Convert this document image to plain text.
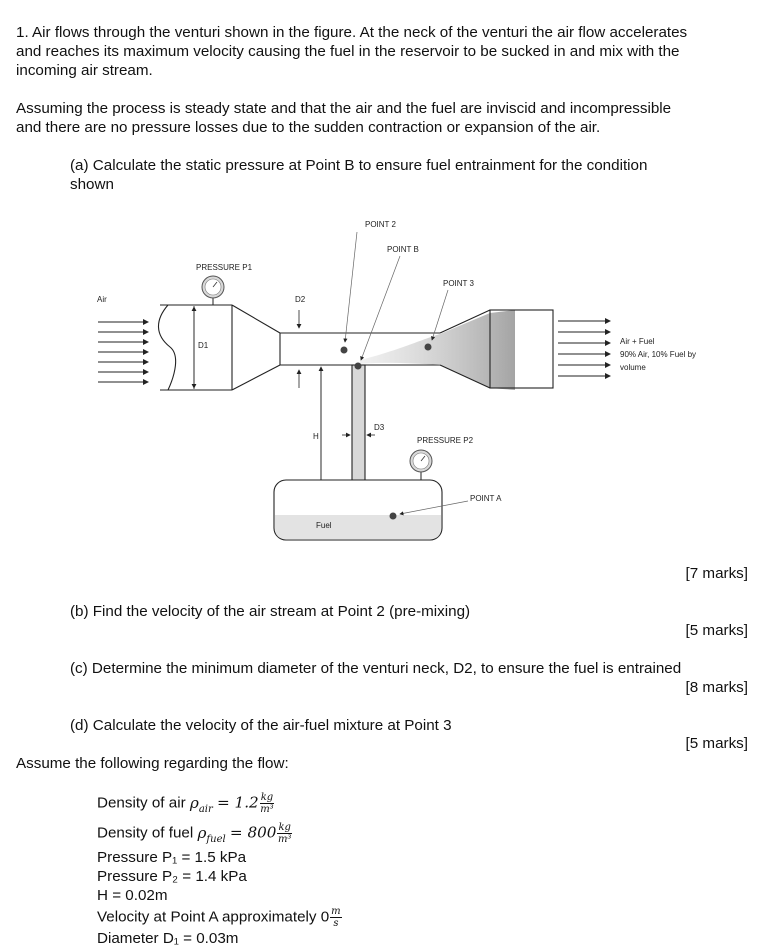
1. Air flows through the venturi shown in the figure. At the neck of the venturi the air flow accelerates
and reaches its maximum velocity causing the fuel in the reservoir to be sucked in and mix with the
incoming air stream.
Assuming the process is steady state and that the air and the fuel are inviscid and incompressible
and there are no pressure losses due to the sudden contraction or expansion of the air.
(a) Calculate the static pressure at Point B to ensure fuel entrainment for the condition
shown
Air
D1
PRESSURE P1
D2
Air + Fuel
90% Air, 10% Fuel by
volume
D3
H
Fuel
PRESSURE P2
POINT 2
POINT B
POINT 3
POINT A
[7 marks]
(b) Find the velocity of the air stream at Point 2 (pre-mixing)
[5 marks]
(c) Determine the minimum diameter of the venturi neck, D2, to ensure the fuel is entrained
[8 marks]
(d) Calculate the velocity of the air-fuel mixture at Point 3
[5 marks]
Assume the following regarding the flow:
Density of air $\rho_{air} = 1.2 \frac{kg}{\text{m³}}$
Density of fuel $\rho_{fuel} = 800 \frac{kg}{\text{m³}}$
Pressure P₁ = 1.5 kPa
Pressure P₂ = 1.4 kPa
H = 0.02m
Velocity at Point A approximately $0 \frac{m}{s}$
Diameter D₁ = 0.03m
